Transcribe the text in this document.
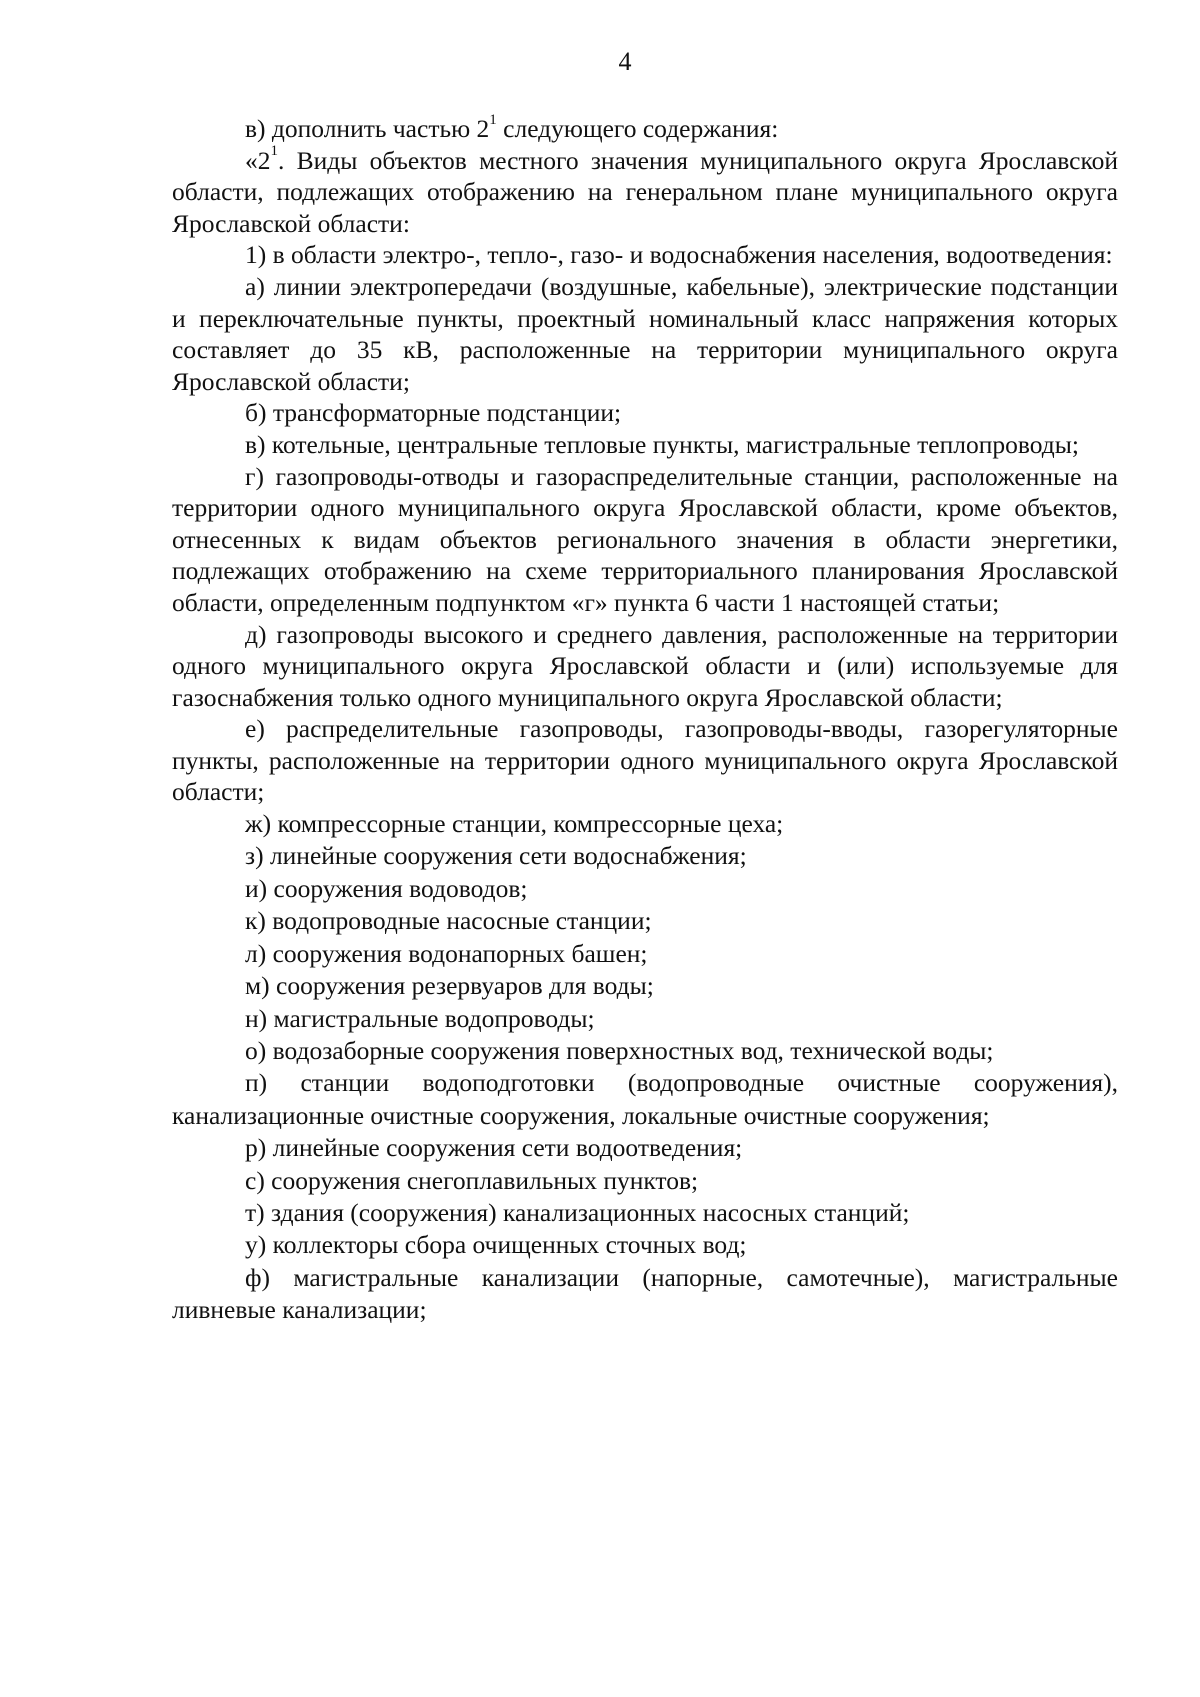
4

в) дополнить частью $2^1$ следующего содержания:

«$2^1$. Виды объектов местного значения муниципального округа Ярославской области, подлежащих отображению на генеральном плане муниципального округа Ярославской области:

1) в области электро-, тепло-, газо- и водоснабжения населения, водоотведения:

а) линии электропередачи (воздушные, кабельные), электрические подстанции и переключательные пункты, проектный номинальный класс напряжения которых составляет до 35 кВ, расположенные на территории муниципального округа Ярославской области;

б) трансформаторные подстанции;

в) котельные, центральные тепловые пункты, магистральные теплопроводы;

г) газопроводы-отводы и газораспределительные станции, расположенные на территории одного муниципального округа Ярославской области, кроме объектов, отнесенных к видам объектов регионального значения в области энергетики, подлежащих отображению на схеме территориального планирования Ярославской области, определенным подпунктом «г» пункта 6 части 1 настоящей статьи;

д) газопроводы высокого и среднего давления, расположенные на территории одного муниципального округа Ярославской области и (или) используемые для газоснабжения только одного муниципального округа Ярославской области;

е) распределительные газопроводы, газопроводы-вводы, газорегуляторные пункты, расположенные на территории одного муниципального округа Ярославской области;

ж) компрессорные станции, компрессорные цеха;

з) линейные сооружения сети водоснабжения;

и) сооружения водоводов;

к) водопроводные насосные станции;

л) сооружения водонапорных башен;

м) сооружения резервуаров для воды;

н) магистральные водопроводы;

о) водозаборные сооружения поверхностных вод, технической воды;

п) станции водоподготовки (водопроводные очистные сооружения), канализационные очистные сооружения, локальные очистные сооружения;

р) линейные сооружения сети водоотведения;

с) сооружения снегоплавильных пунктов;

т) здания (сооружения) канализационных насосных станций;

у) коллекторы сбора очищенных сточных вод;

ф) магистральные канализации (напорные, самотечные), магистральные ливневые канализации;
